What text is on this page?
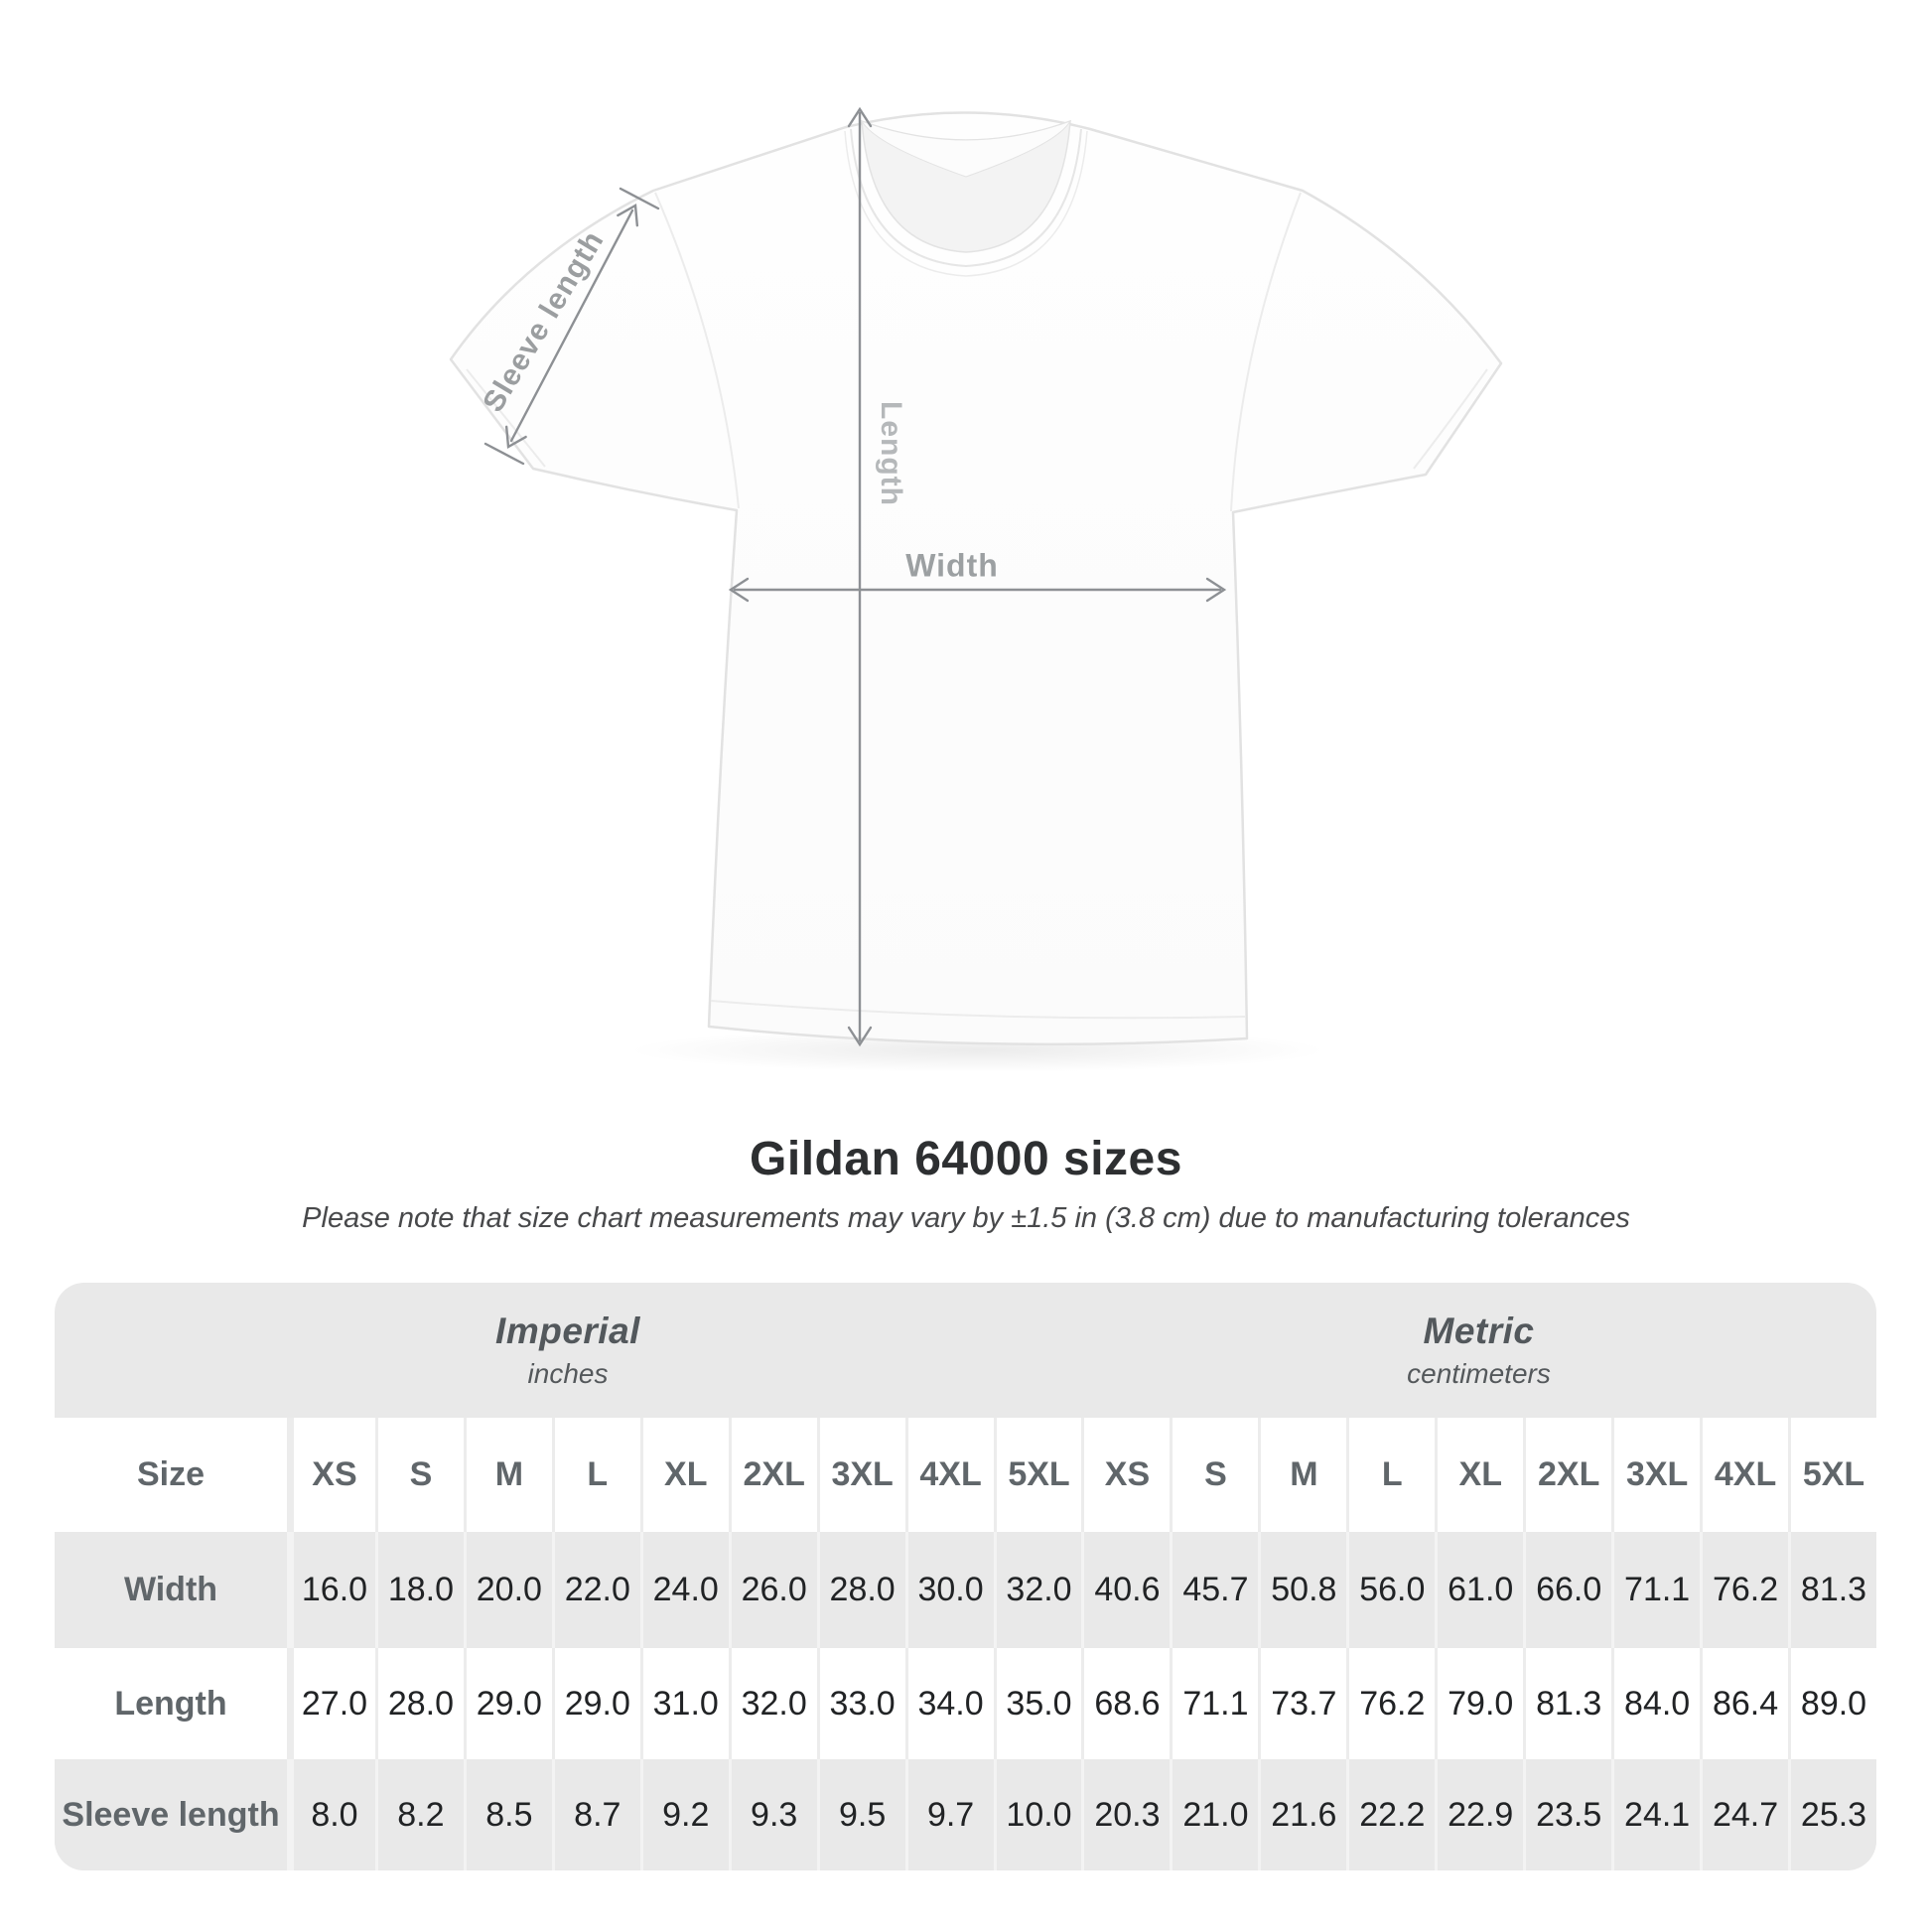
Sleeve length
Length
Width
Gildan 64000 sizes

Please note that size chart measurements may vary by ±1.5 in (3.8 cm) due to manufacturing tolerances

Imperial
inches
Metric
centimeters
Size	XS	S	M	L	XL	2XL 3XL 4XL 5XL	XS	S	M	L	XL	2XL 3XL 4XL 5XL
Width	16.0 18.0 20.0 22.0 24.0 26.0 28.0 30.0 32.0 40.6 45.7 50.8 56.0 61.0 66.0 71.1 76.2 81.3
Length	27.0 28.0 29.0 29.0 31.0 32.0 33.0 34.0 35.0 68.6 71.1 73.7 76.2 79.0 81.3 84.0 86.4 89.0
Sleeve length 8.0	8.2	8.5	8.7	9.2	9.3	9.5	9.7 10.0 20.3 21.0 21.6 22.2 22.9 23.5 24.1 24.7 25.3
